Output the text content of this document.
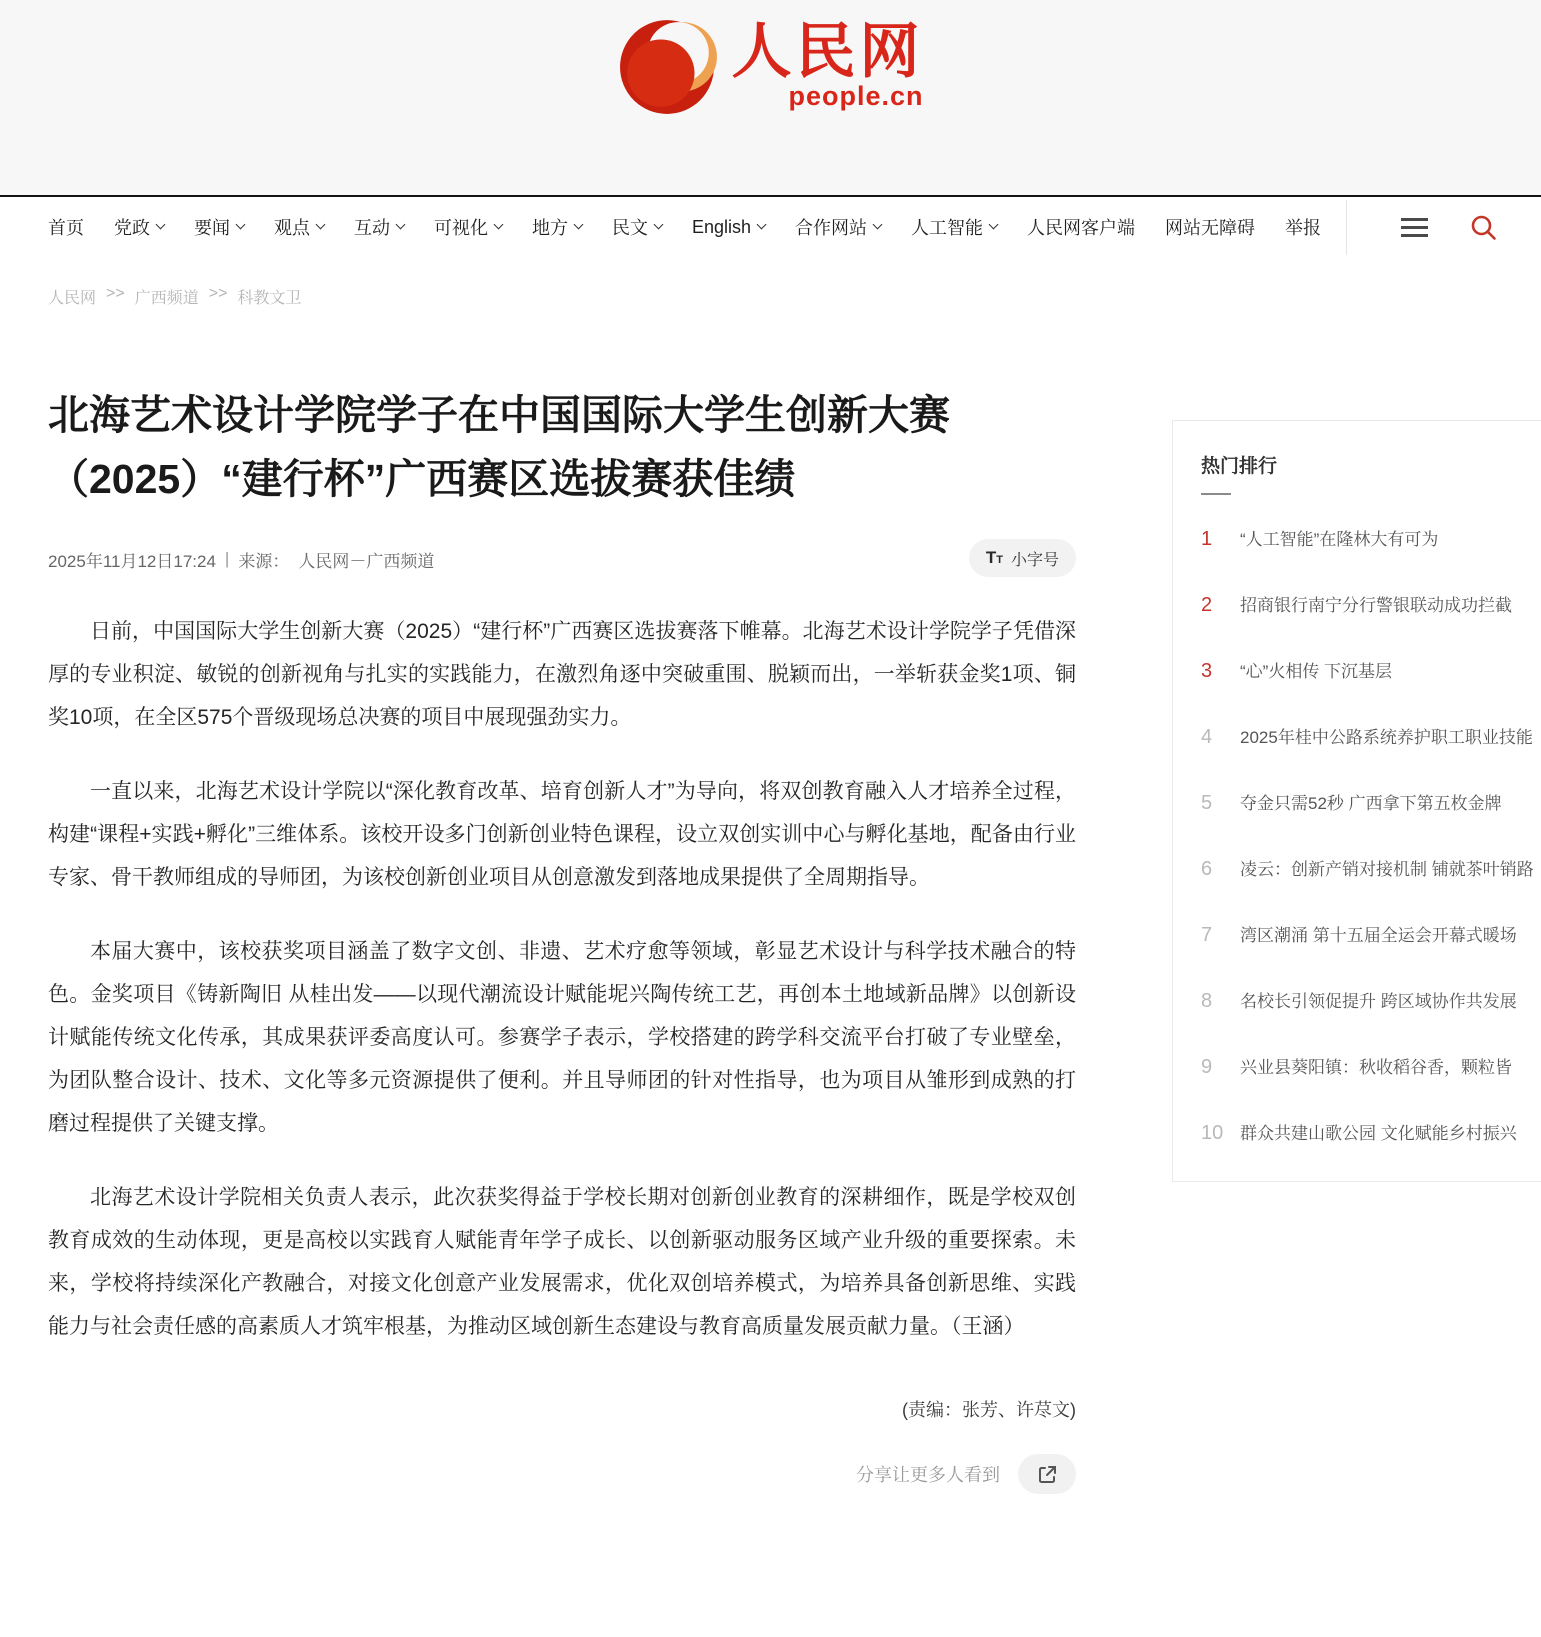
人民网
people.cn
首页 党政 要闻 观点 互动 可视化 地方 民文 English 合作网站 人工智能 人民网客户端 网站无障碍 举报
人民网 >> 广西频道 >> 科教文卫
北海艺术设计学院学子在中国国际大学生创新大赛
（2025）“建行杯”广西赛区选拔赛获佳绩
2025年11月12日17:24 | 来源： 人民网－广西频道	TT 小字号

日前，中国国际大学生创新大赛（2025）“建行杯”广西赛区选拔赛落下帷幕。北海艺术设计学院学子凭借深厚的专业积淀、敏锐的创新视角与扎实的实践能力，在激烈角逐中突破重围、脱颖而出，一举斩获金奖1项、铜奖10项，在全区575个晋级现场总决赛的项目中展现强劲实力。

一直以来，北海艺术设计学院以“深化教育改革、培育创新人才”为导向，将双创教育融入人才培养全过程，构建“课程+实践+孵化”三维体系。该校开设多门创新创业特色课程，设立双创实训中心与孵化基地，配备由行业专家、骨干教师组成的导师团，为该校创新创业项目从创意激发到落地成果提供了全周期指导。

本届大赛中，该校获奖项目涵盖了数字文创、非遗、艺术疗愈等领域，彰显艺术设计与科学技术融合的特色。金奖项目《铸新陶旧 从桂出发——以现代潮流设计赋能坭兴陶传统工艺，再创本土地域新品牌》以创新设计赋能传统文化传承，其成果获评委高度认可。参赛学子表示，学校搭建的跨学科交流平台打破了专业壁垒，为团队整合设计、技术、文化等多元资源提供了便利。并且导师团的针对性指导，也为项目从雏形到成熟的打磨过程提供了关键支撑。

北海艺术设计学院相关负责人表示，此次获奖得益于学校长期对创新创业教育的深耕细作，既是学校双创教育成效的生动体现，更是高校以实践育人赋能青年学子成长、以创新驱动服务区域产业升级的重要探索。未来，学校将持续深化产教融合，对接文化创意产业发展需求，优化双创培养模式，为培养具备创新思维、实践能力与社会责任感的高素质人才筑牢根基，为推动区域创新生态建设与教育高质量发展贡献力量。（王涵）

(责编：张芳、许荩文)
分享让更多人看到
热门排行
1	“人工智能”在隆林大有可为
2	招商银行南宁分行警银联动成功拦截
3	“心”火相传 下沉基层
4	2025年桂中公路系统养护职工职业技能
5	夺金只需52秒 广西拿下第五枚金牌
6	凌云：创新产销对接机制 铺就茶叶销路
7	湾区潮涌 第十五届全运会开幕式暖场
8	名校长引领促提升 跨区域协作共发展
9	兴业县葵阳镇：秋收稻谷香，颗粒皆
10 群众共建山歌公园 文化赋能乡村振兴
